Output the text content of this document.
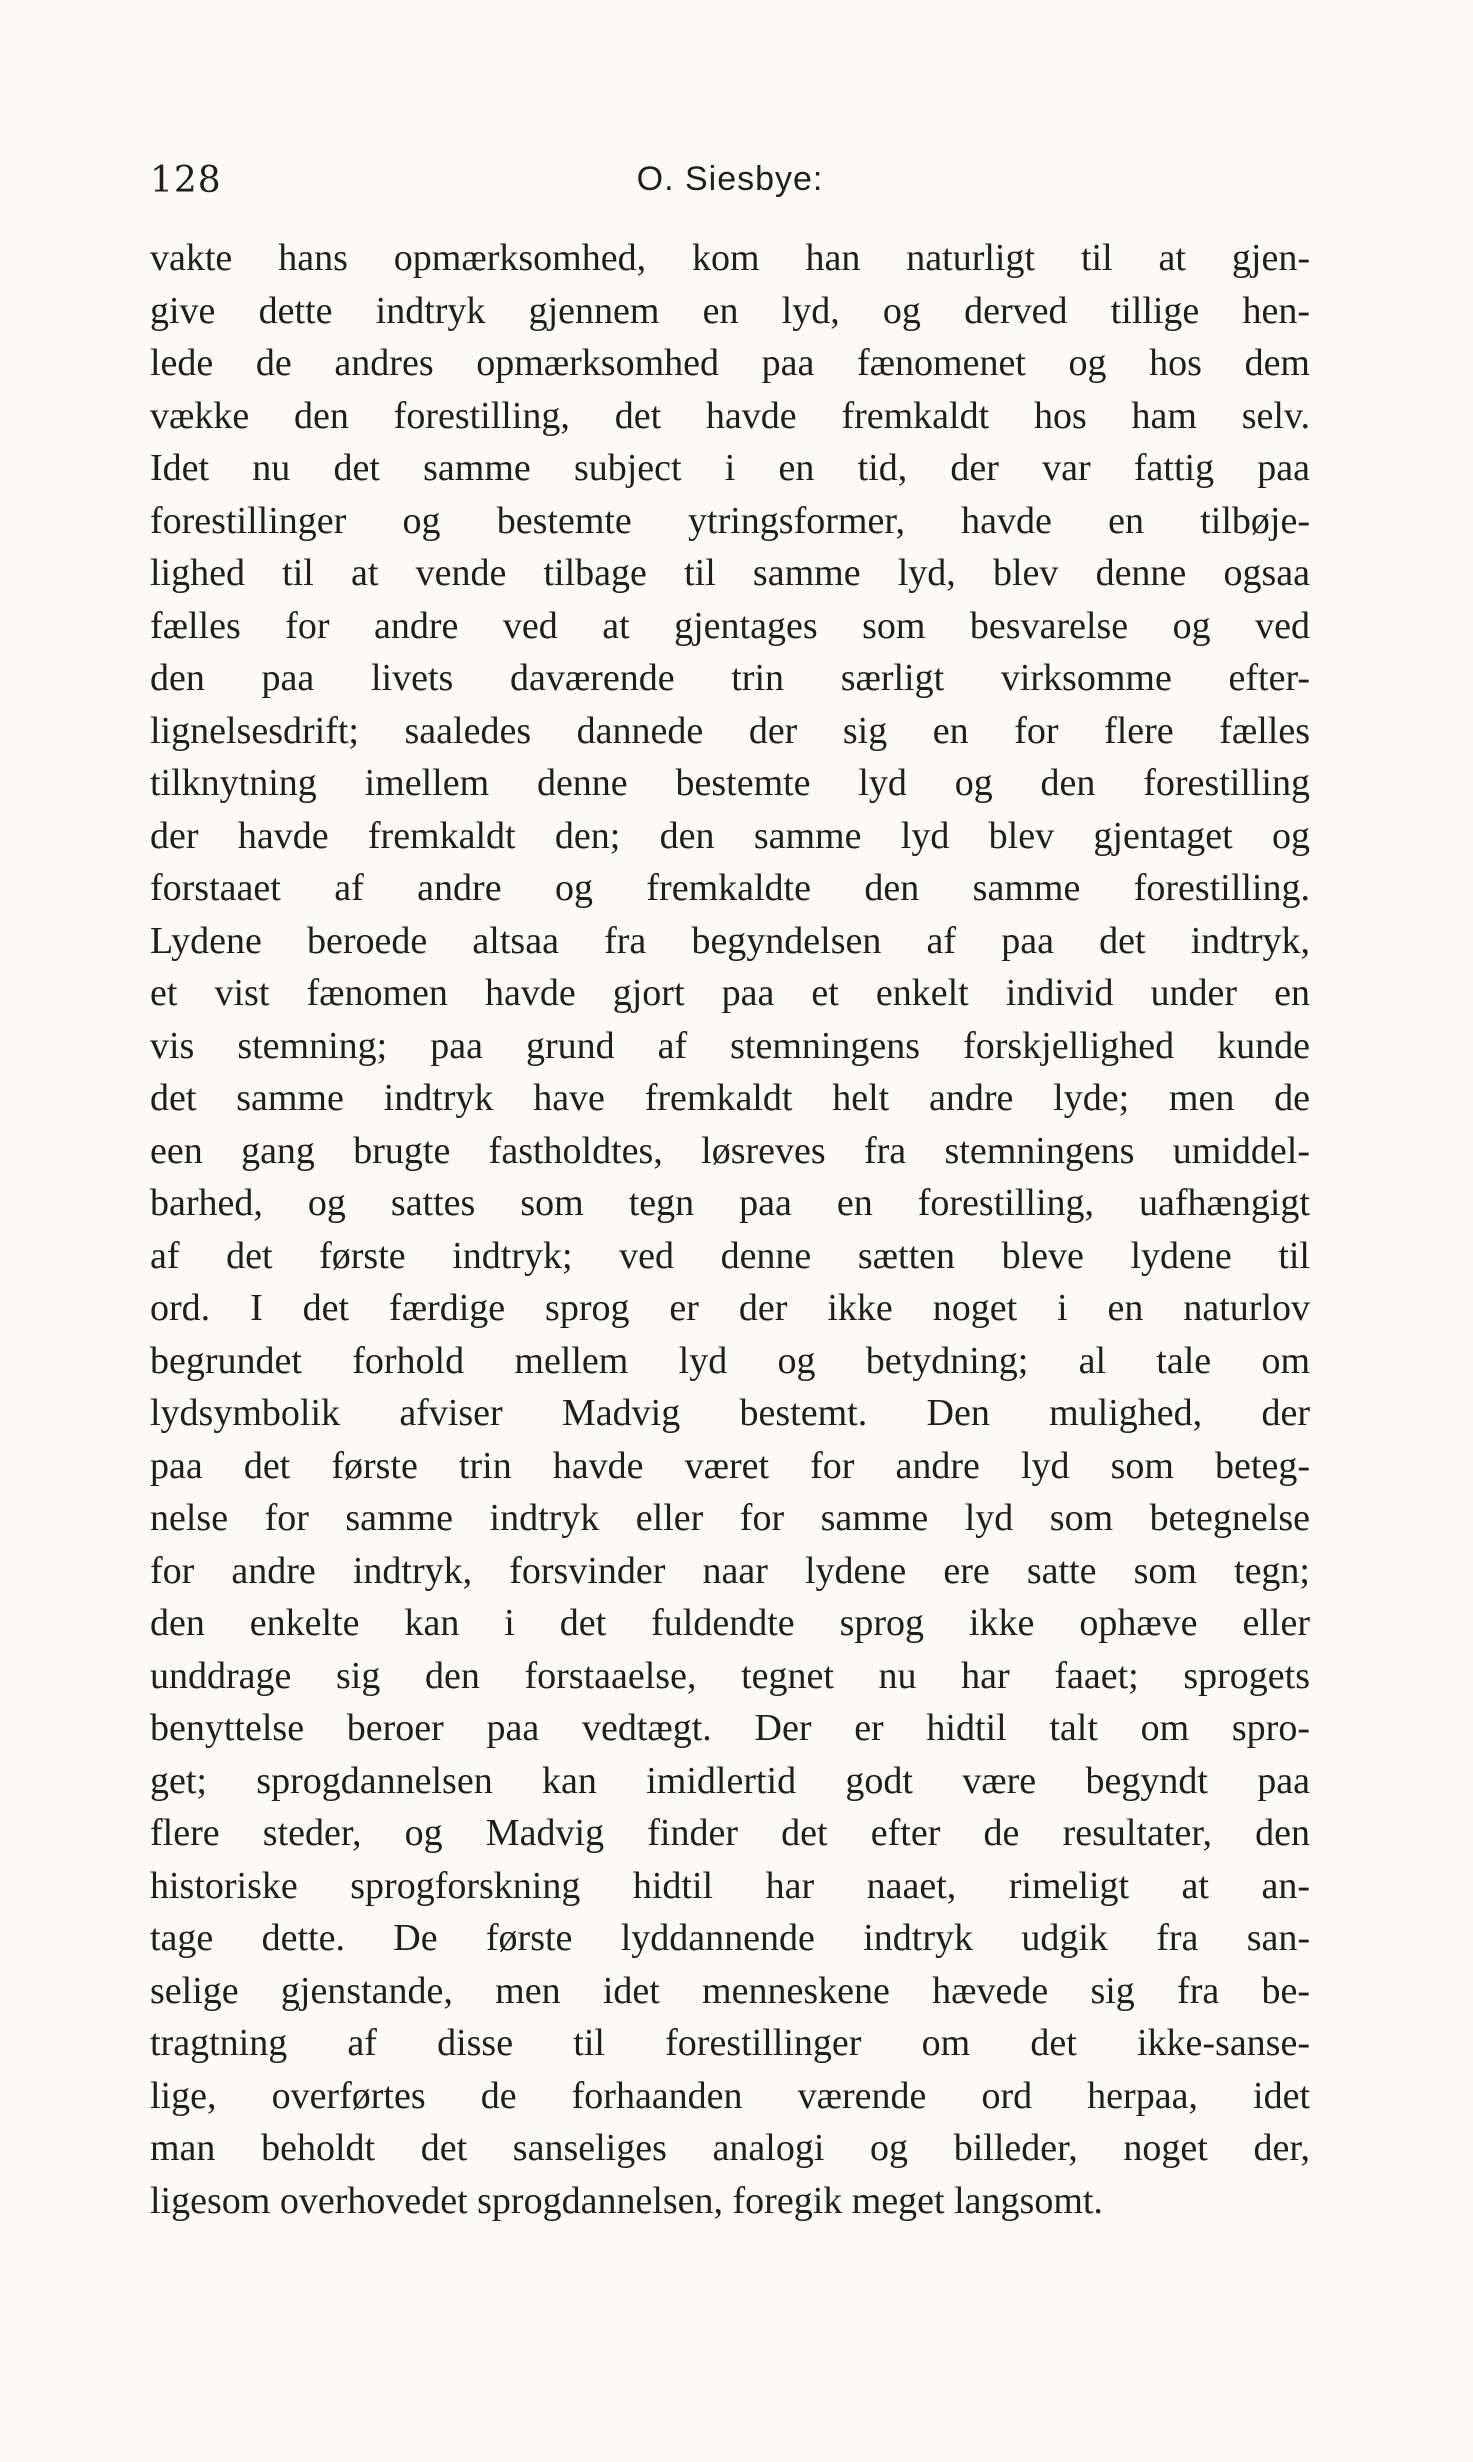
128	O. Siesbye:
vakte hans opmærksomhed, kom han naturligt til at gjen-
give dette indtryk gjennem en lyd, og derved tillige hen-
lede de andres opmærksomhed paa fænomenet og hos dem
vække den forestilling, det havde fremkaldt hos ham selv.
Idet nu det samme subject i en tid, der var fattig paa
forestillinger og bestemte ytringsformer, havde en tilbøje-
lighed til at vende tilbage til samme lyd, blev denne ogsaa
fælles for andre ved at gjentages som besvarelse og ved
den paa livets daværende trin særligt virksomme efter-
lignelsesdrift; saaledes dannede der sig en for flere fælles
tilknytning imellem denne bestemte lyd og den forestilling
der havde fremkaldt den; den samme lyd blev gjentaget og
forstaaet af andre og fremkaldte den samme forestilling.
Lydene beroede altsaa fra begyndelsen af paa det indtryk,
et vist fænomen havde gjort paa et enkelt individ under en
vis stemning; paa grund af stemningens forskjellighed kunde
det samme indtryk have fremkaldt helt andre lyde; men de
een gang brugte fastholdtes, løsreves fra stemningens umiddel-
barhed, og sattes som tegn paa en forestilling, uafhængigt
af det første indtryk; ved denne sætten bleve lydene til
ord. I det færdige sprog er der ikke noget i en naturlov
begrundet forhold mellem lyd og betydning; al tale om
lydsymbolik afviser Madvig bestemt. Den mulighed, der
paa det første trin havde været for andre lyd som beteg-
nelse for samme indtryk eller for samme lyd som betegnelse
for andre indtryk, forsvinder naar lydene ere satte som tegn;
den enkelte kan i det fuldendte sprog ikke ophæve eller
unddrage sig den forstaaelse, tegnet nu har faaet; sprogets
benyttelse beroer paa vedtægt. Der er hidtil talt om spro-
get; sprogdannelsen kan imidlertid godt være begyndt paa
flere steder, og Madvig finder det efter de resultater, den
historiske sprogforskning hidtil har naaet, rimeligt at an-
tage dette. De første lyddannende indtryk udgik fra san-
selige gjenstande, men idet menneskene hævede sig fra be-
tragtning af disse til forestillinger om det ikke-sanse-
lige, overførtes de forhaanden værende ord herpaa, idet
man beholdt det sanseliges analogi og billeder, noget der,
ligesom overhovedet sprogdannelsen, foregik meget langsomt.
